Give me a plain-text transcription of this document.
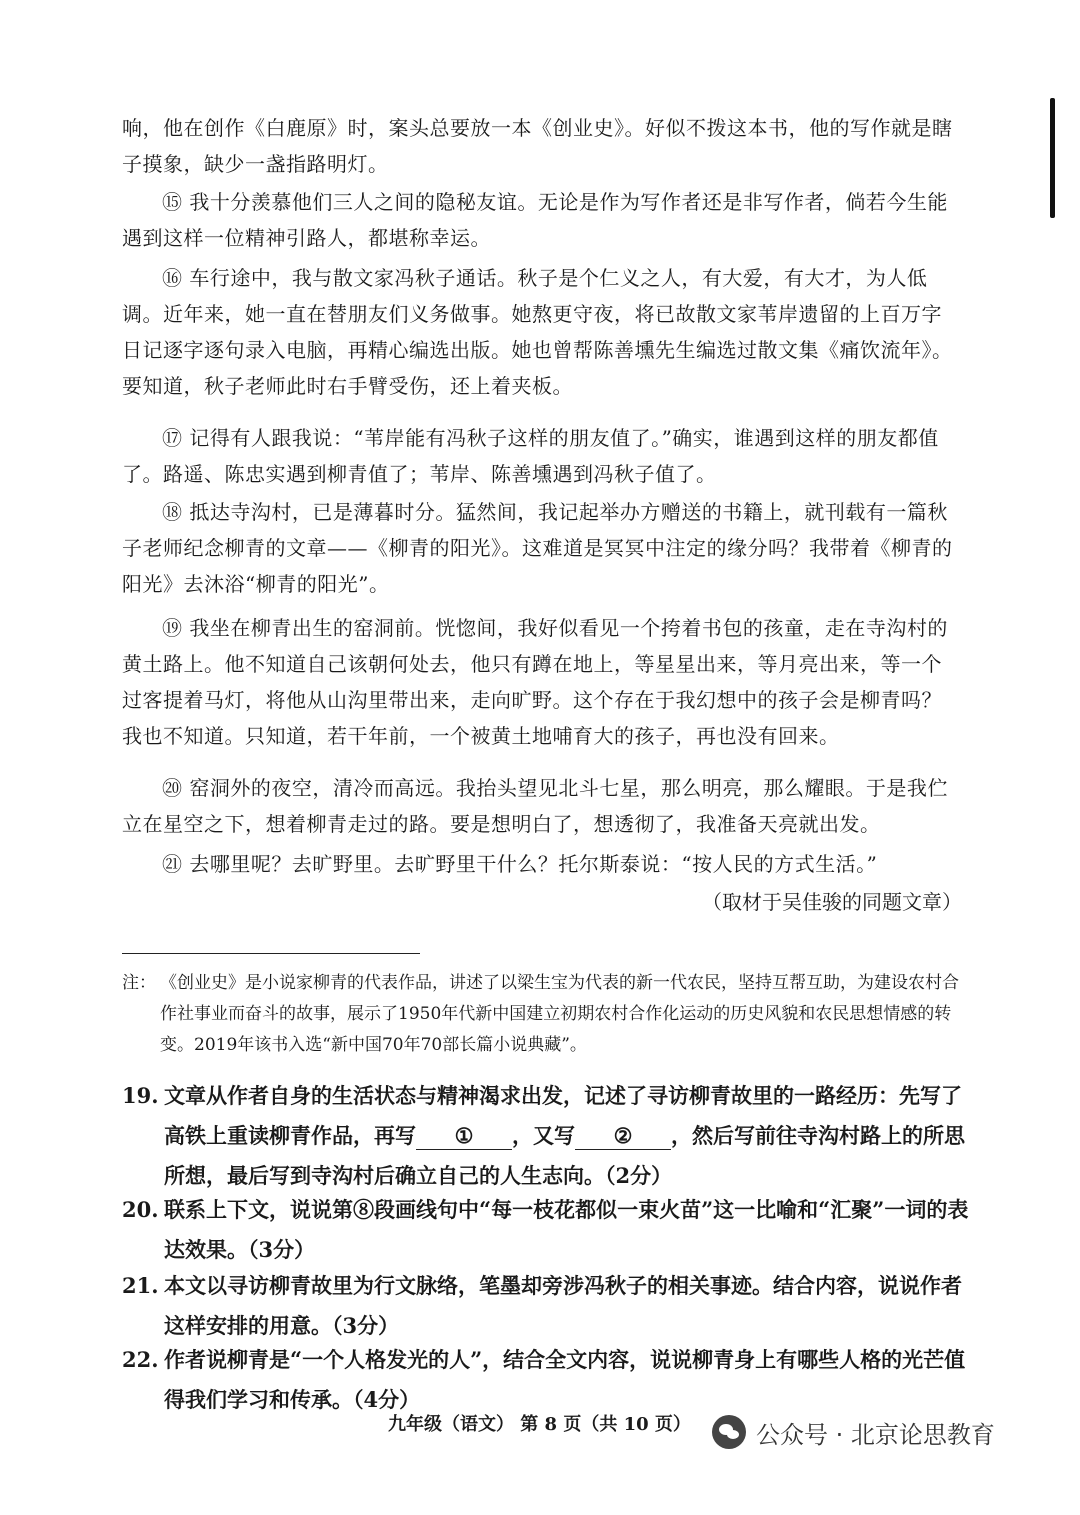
响，他在创作《白鹿原》时，案头总要放一本《创业史》。好似不拨这本书，他的写作就是瞎子摸象，缺少一盏指路明灯。

⑮ 我十分羡慕他们三人之间的隐秘友谊。无论是作为写作者还是非写作者，倘若今生能遇到这样一位精神引路人，都堪称幸运。

⑯ 车行途中，我与散文家冯秋子通话。秋子是个仁义之人，有大爱，有大才，为人低调。近年来，她一直在替朋友们义务做事。她熬更守夜，将已故散文家苇岸遗留的上百万字日记逐字逐句录入电脑，再精心编选出版。她也曾帮陈善壎先生编选过散文集《痛饮流年》。要知道，秋子老师此时右手臂受伤，还上着夹板。

⑰ 记得有人跟我说：“苇岸能有冯秋子这样的朋友值了。”确实，谁遇到这样的朋友都值了。路遥、陈忠实遇到柳青值了；苇岸、陈善壎遇到冯秋子值了。

⑱ 抵达寺沟村，已是薄暮时分。猛然间，我记起举办方赠送的书籍上，就刊载有一篇秋子老师纪念柳青的文章——《柳青的阳光》。这难道是冥冥中注定的缘分吗？我带着《柳青的阳光》去沐浴“柳青的阳光”。

⑲ 我坐在柳青出生的窑洞前。恍惚间，我好似看见一个挎着书包的孩童，走在寺沟村的黄土路上。他不知道自己该朝何处去，他只有蹲在地上，等星星出来，等月亮出来，等一个过客提着马灯，将他从山沟里带出来，走向旷野。这个存在于我幻想中的孩子会是柳青吗？我也不知道。只知道，若干年前，一个被黄土地哺育大的孩子，再也没有回来。

⑳ 窑洞外的夜空，清冷而高远。我抬头望见北斗七星，那么明亮，那么耀眼。于是我伫立在星空之下，想着柳青走过的路。要是想明白了，想透彻了，我准备天亮就出发。

㉑ 去哪里呢？去旷野里。去旷野里干什么？托尔斯泰说：“按人民的方式生活。”

（取材于吴佳骏的同题文章）
注： 《创业史》是小说家柳青的代表作品，讲述了以梁生宝为代表的新一代农民，坚持互帮互助，为建设农村合作社事业而奋斗的故事，展示了1950年代新中国建立初期农村合作化运动的历史风貌和农民思想情感的转变。2019年该书入选“新中国70年70部长篇小说典藏”。
19. 文章从作者自身的生活状态与精神渴求出发，记述了寻访柳青故里的一路经历：先写了高铁上重读柳青作品，再写 ① ，又写 ② ，然后写前往寺沟村路上的所思所想，最后写到寺沟村后确立自己的人生志向。（2分）
20. 联系上下文，说说第⑧段画线句中“每一枝花都似一束火苗”这一比喻和“汇聚”一词的表达效果。（3分）
21. 本文以寻访柳青故里为行文脉络，笔墨却旁涉冯秋子的相关事迹。结合内容，说说作者这样安排的用意。（3分）
22. 作者说柳青是“一个人格发光的人”，结合全文内容，说说柳青身上有哪些人格的光芒值得我们学习和传承。（4分）
九年级（语文） 第 8 页（共 10 页）	公众号 · 北京论思教育
